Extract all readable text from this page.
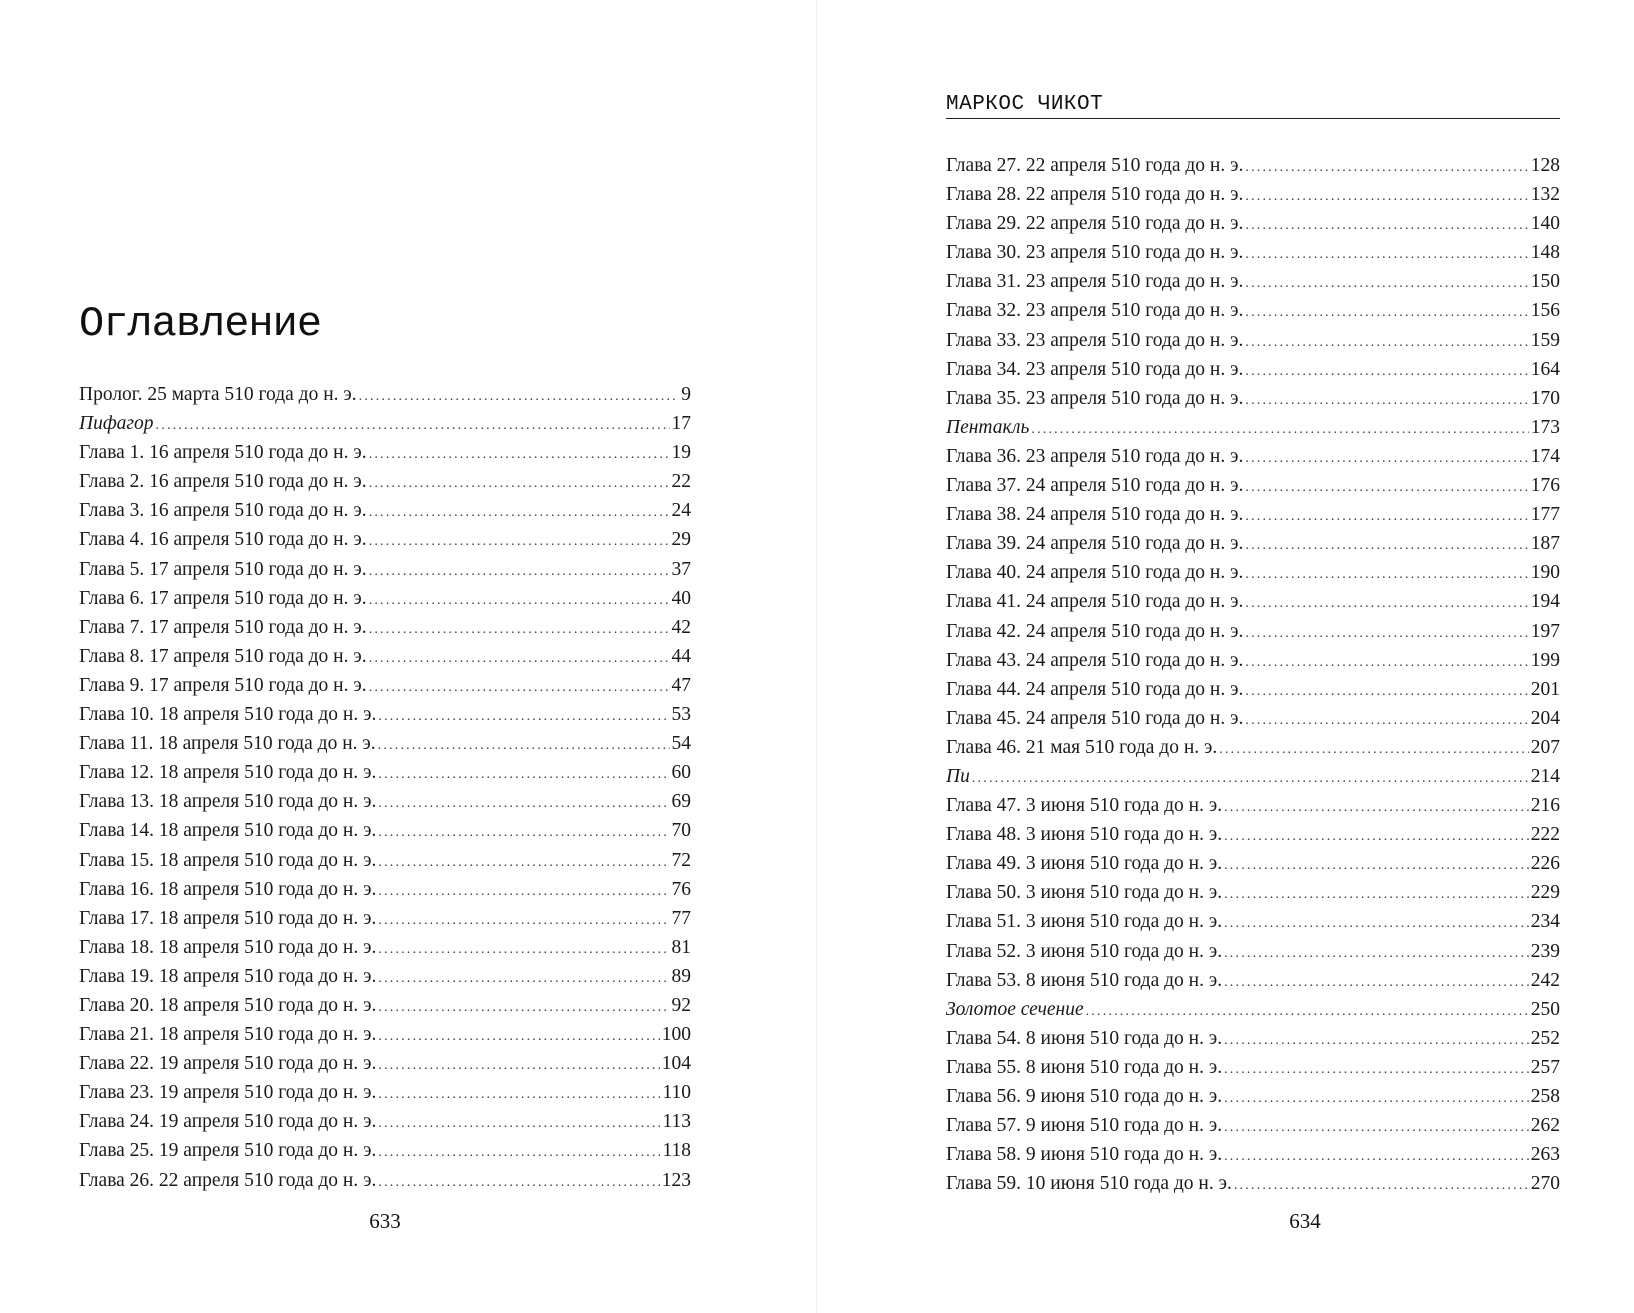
Оглавление
Пролог. 25 марта 510 года до н. э. .....	9
Пифагор .....	17
Глава 1. 16 апреля 510 года до н. э. .....	19
Глава 2. 16 апреля 510 года до н. э. .....	22
Глава 3. 16 апреля 510 года до н. э. .....	24
Глава 4. 16 апреля 510 года до н. э. .....	29
Глава 5. 17 апреля 510 года до н. э. .....	37
Глава 6. 17 апреля 510 года до н. э. .....	40
Глава 7. 17 апреля 510 года до н. э. .....	42
Глава 8. 17 апреля 510 года до н. э. .....	44
Глава 9. 17 апреля 510 года до н. э. .....	47
Глава 10. 18 апреля 510 года до н. э. .....	53
Глава 11. 18 апреля 510 года до н. э. .....	54
Глава 12. 18 апреля 510 года до н. э. .....	60
Глава 13. 18 апреля 510 года до н. э. .....	69
Глава 14. 18 апреля 510 года до н. э. .....	70
Глава 15. 18 апреля 510 года до н. э. .....	72
Глава 16. 18 апреля 510 года до н. э. .....	76
Глава 17. 18 апреля 510 года до н. э. .....	77
Глава 18. 18 апреля 510 года до н. э. .....	81
Глава 19. 18 апреля 510 года до н. э. .....	89
Глава 20. 18 апреля 510 года до н. э. .....	92
Глава 21. 18 апреля 510 года до н. э. .....	100
Глава 22. 19 апреля 510 года до н. э. .....	104
Глава 23. 19 апреля 510 года до н. э. .....	110
Глава 24. 19 апреля 510 года до н. э. .....	113
Глава 25. 19 апреля 510 года до н. э. .....	118
Глава 26. 22 апреля 510 года до н. э. .....	123
633
МАРКОС ЧИКОТ
Глава 27. 22 апреля 510 года до н. э. .....	128
Глава 28. 22 апреля 510 года до н. э. .....	132
Глава 29. 22 апреля 510 года до н. э. .....	140
Глава 30. 23 апреля 510 года до н. э. .....	148
Глава 31. 23 апреля 510 года до н. э. .....	150
Глава 32. 23 апреля 510 года до н. э. .....	156
Глава 33. 23 апреля 510 года до н. э. .....	159
Глава 34. 23 апреля 510 года до н. э. .....	164
Глава 35. 23 апреля 510 года до н. э. .....	170
Пентакль .....	173
Глава 36. 23 апреля 510 года до н. э. .....	174
Глава 37. 24 апреля 510 года до н. э. .....	176
Глава 38. 24 апреля 510 года до н. э. .....	177
Глава 39. 24 апреля 510 года до н. э. .....	187
Глава 40. 24 апреля 510 года до н. э. .....	190
Глава 41. 24 апреля 510 года до н. э. .....	194
Глава 42. 24 апреля 510 года до н. э. .....	197
Глава 43. 24 апреля 510 года до н. э. .....	199
Глава 44. 24 апреля 510 года до н. э. .....	201
Глава 45. 24 апреля 510 года до н. э. .....	204
Глава 46. 21 мая 510 года до н. э. .....	207
Пи .....	214
Глава 47. 3 июня 510 года до н. э. .....	216
Глава 48. 3 июня 510 года до н. э. .....	222
Глава 49. 3 июня 510 года до н. э. .....	226
Глава 50. 3 июня 510 года до н. э. .....	229
Глава 51. 3 июня 510 года до н. э. .....	234
Глава 52. 3 июня 510 года до н. э. .....	239
Глава 53. 8 июня 510 года до н. э. .....	242
Золотое сечение .....	250
Глава 54. 8 июня 510 года до н. э. .....	252
Глава 55. 8 июня 510 года до н. э. .....	257
Глава 56. 9 июня 510 года до н. э. .....	258
Глава 57. 9 июня 510 года до н. э. .....	262
Глава 58. 9 июня 510 года до н. э. .....	263
Глава 59. 10 июня 510 года до н. э. .....	270
634
